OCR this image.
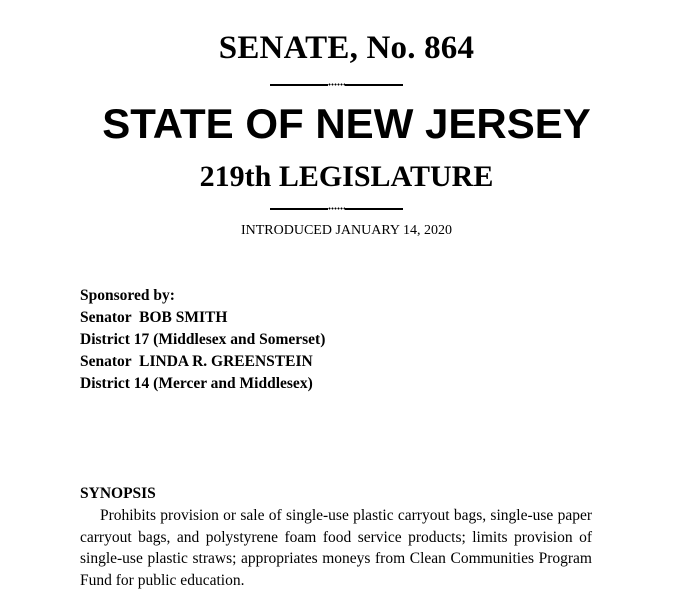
SENATE, No. 864
STATE OF NEW JERSEY
219th LEGISLATURE
INTRODUCED JANUARY 14, 2020
Sponsored by:
Senator  BOB SMITH
District 17 (Middlesex and Somerset)
Senator  LINDA R. GREENSTEIN
District 14 (Mercer and Middlesex)
SYNOPSIS

Prohibits provision or sale of single-use plastic carryout bags, single-use paper carryout bags, and polystyrene foam food service products; limits provision of single-use plastic straws; appropriates moneys from Clean Communities Program Fund for public education.
